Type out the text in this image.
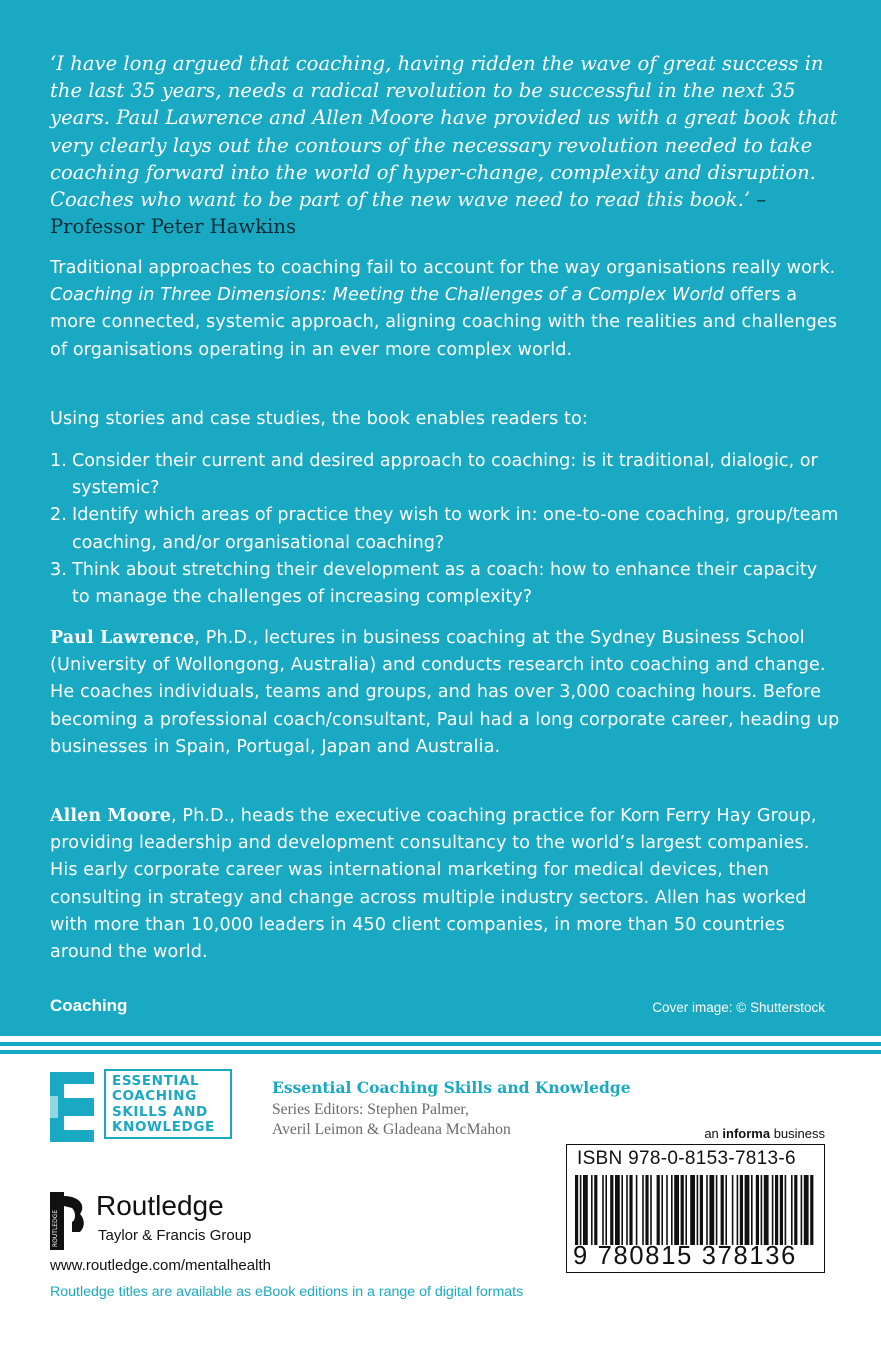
‘I have long argued that coaching, having ridden the wave of great success in the last 35 years, needs a radical revolution to be successful in the next 35 years. Paul Lawrence and Allen Moore have provided us with a great book that very clearly lays out the contours of the necessary revolution needed to take coaching forward into the world of hyper-change, complexity and disruption. Coaches who want to be part of the new wave need to read this book.’ – Professor Peter Hawkins

Traditional approaches to coaching fail to account for the way organisations really work. Coaching in Three Dimensions: Meeting the Challenges of a Complex World offers a more connected, systemic approach, aligning coaching with the realities and challenges of organisations operating in an ever more complex world.

Using stories and case studies, the book enables readers to:

1. Consider their current and desired approach to coaching: is it traditional, dialogic, or systemic?
2. Identify which areas of practice they wish to work in: one-to-one coaching, group/team coaching, and/or organisational coaching?
3. Think about stretching their development as a coach: how to enhance their capacity to manage the challenges of increasing complexity?

Paul Lawrence, Ph.D., lectures in business coaching at the Sydney Business School (University of Wollongong, Australia) and conducts research into coaching and change. He coaches individuals, teams and groups, and has over 3,000 coaching hours. Before becoming a professional coach/consultant, Paul had a long corporate career, heading up businesses in Spain, Portugal, Japan and Australia.

Allen Moore, Ph.D., heads the executive coaching practice for Korn Ferry Hay Group, providing leadership and development consultancy to the world’s largest companies. His early corporate career was international marketing for medical devices, then consulting in strategy and change across multiple industry sectors. Allen has worked with more than 10,000 leaders in 450 client companies, in more than 50 countries around the world.

Coaching	Cover image: © Shutterstock
ESSENTIAL
COACHING
SKILLS AND
KNOWLEDGE
Essential Coaching Skills and Knowledge
Series Editors: Stephen Palmer,
Averil Leimon & Gladeana McMahon	an informa business
ISBN 978-0-8153-7813-6
9 780815 378136
ROUTLEDGE
Routledge
Taylor & Francis Group
www.routledge.com/mentalhealth
Routledge titles are available as eBook editions in a range of digital formats
